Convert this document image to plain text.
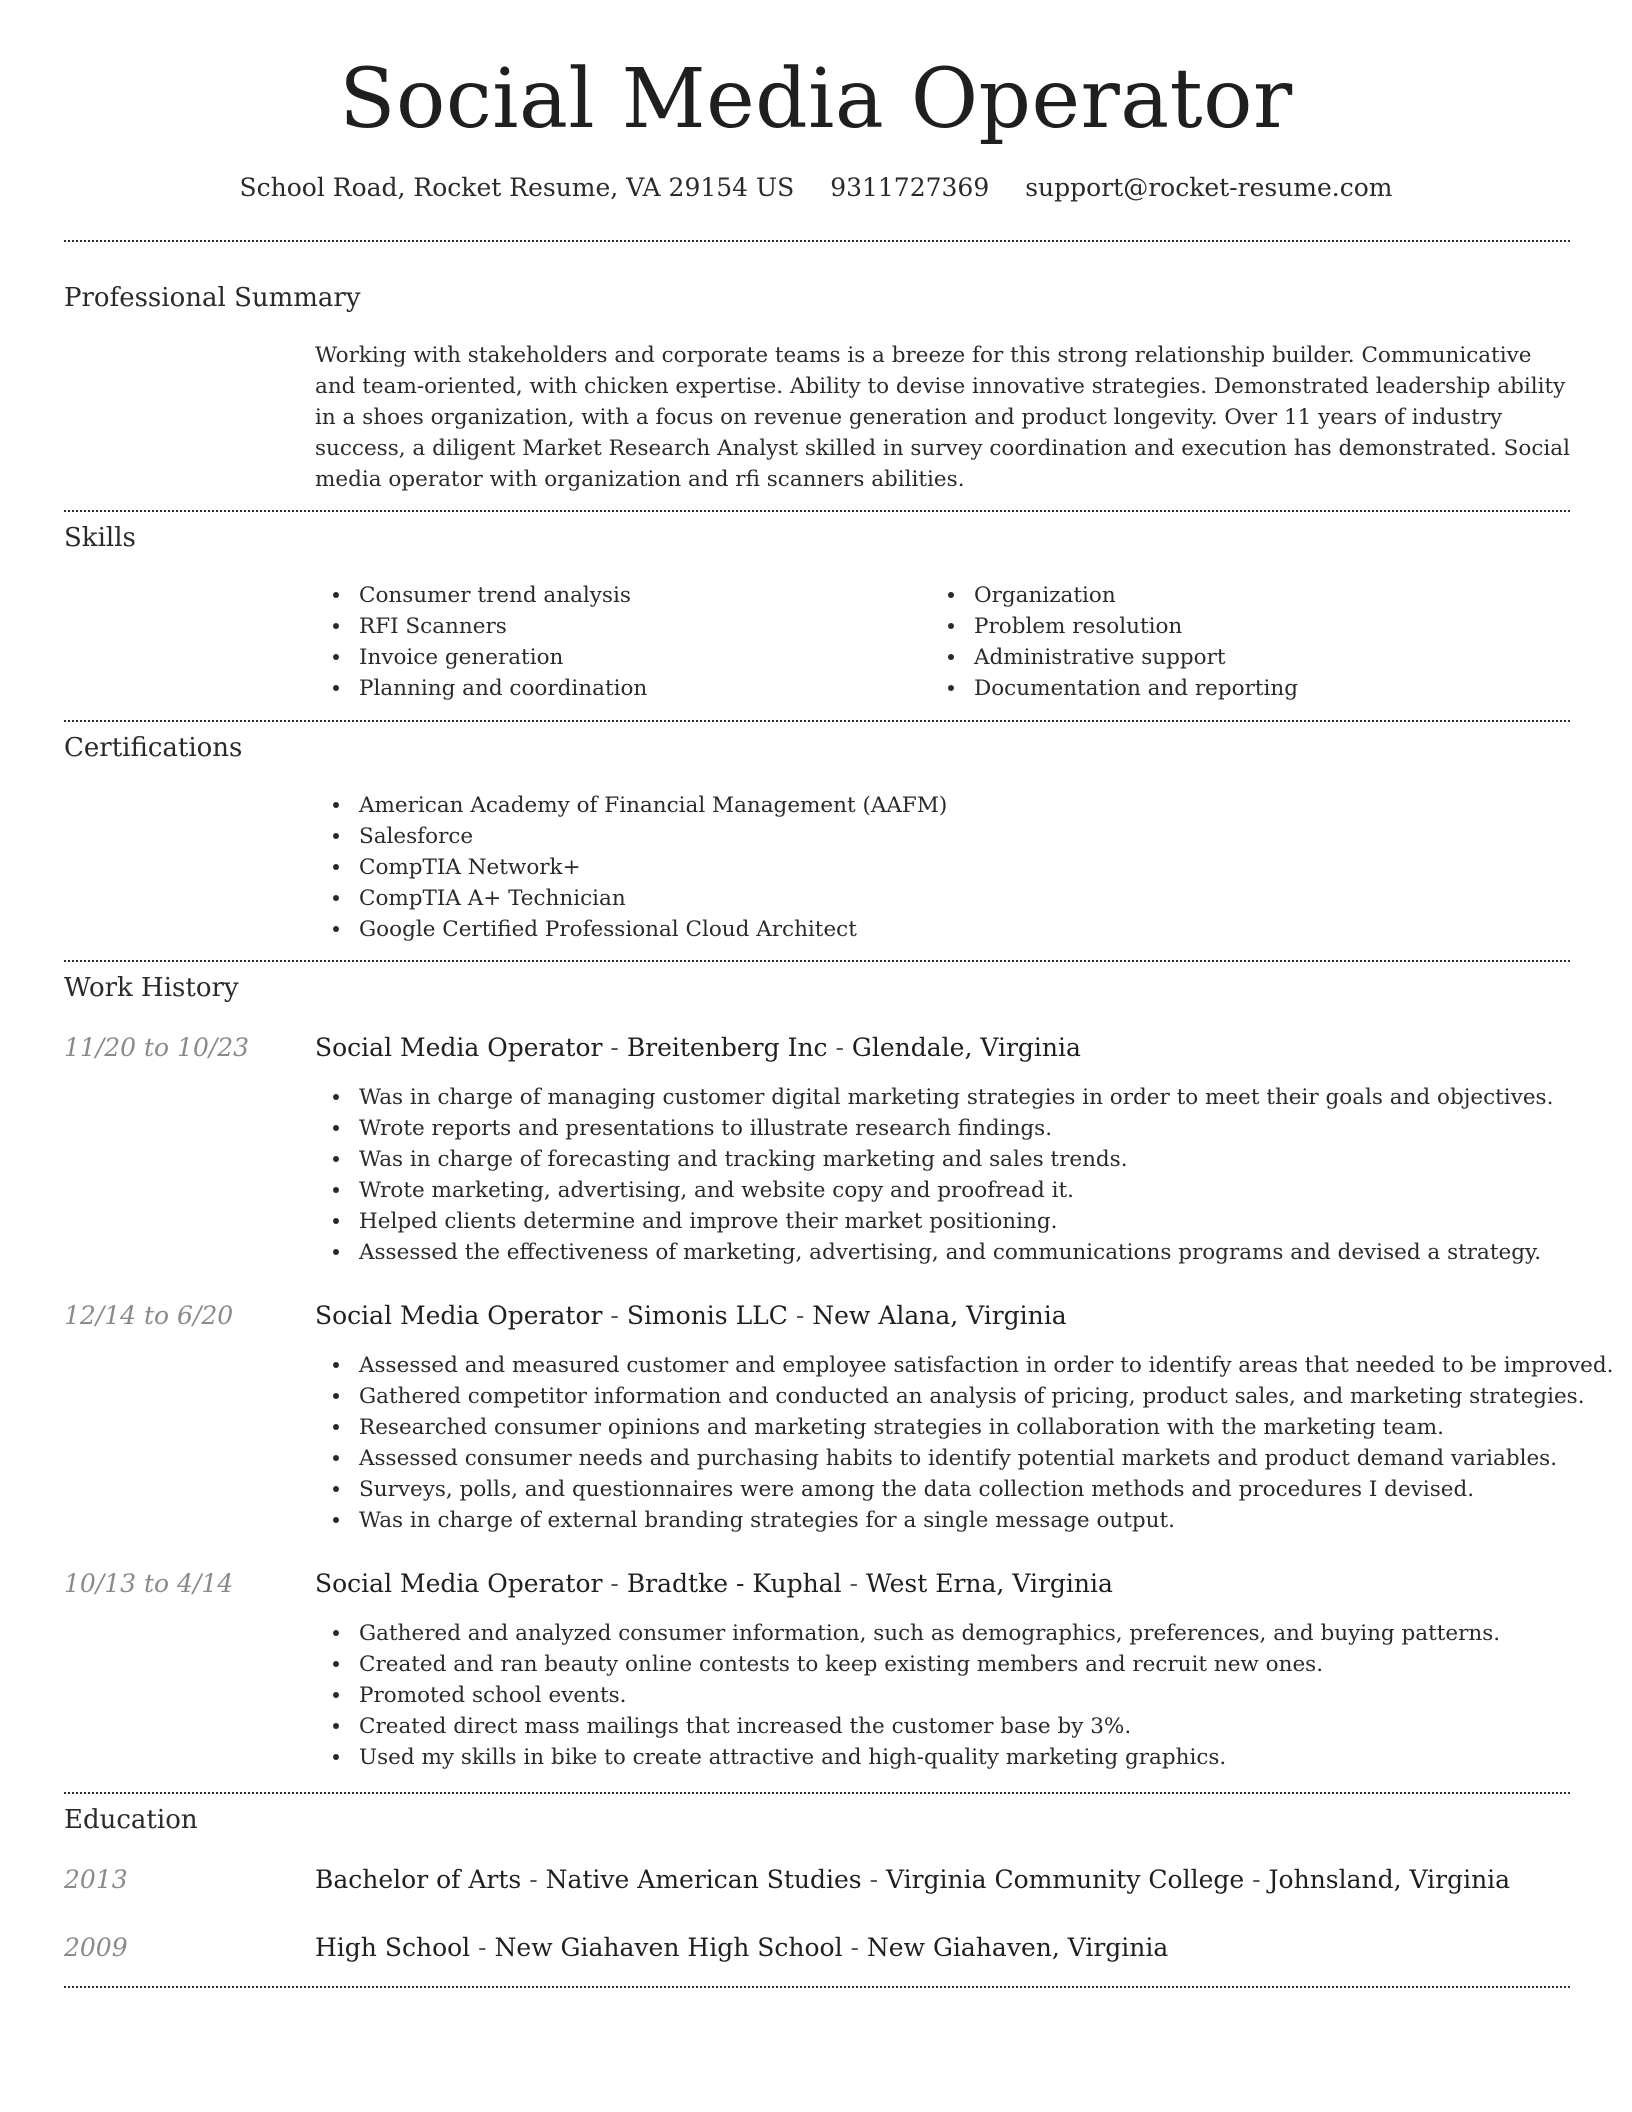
Social Media Operator
School Road, Rocket Resume, VA 29154 US 9311727369 support@rocket-resume.com
Professional Summary
Working with stakeholders and corporate teams is a breeze for this strong relationship builder. Communicative and team-oriented, with chicken expertise. Ability to devise innovative strategies. Demonstrated leadership ability in a shoes organization, with a focus on revenue generation and product longevity. Over 11 years of industry success, a diligent Market Research Analyst skilled in survey coordination and execution has demonstrated. Social media operator with organization and rfi scanners abilities.
Skills
Consumer trend analysis
RFI Scanners
Invoice generation
Planning and coordination
Organization
Problem resolution
Administrative support
Documentation and reporting
Certifications
American Academy of Financial Management (AAFM)
Salesforce
CompTIA Network+
CompTIA A+ Technician
Google Certified Professional Cloud Architect
Work History
11/20 to 10/23	Social Media Operator - Breitenberg Inc - Glendale, Virginia
Was in charge of managing customer digital marketing strategies in order to meet their goals and objectives.
Wrote reports and presentations to illustrate research findings.
Was in charge of forecasting and tracking marketing and sales trends.
Wrote marketing, advertising, and website copy and proofread it.
Helped clients determine and improve their market positioning.
Assessed the effectiveness of marketing, advertising, and communications programs and devised a strategy.
12/14 to 6/20	Social Media Operator - Simonis LLC - New Alana, Virginia
Assessed and measured customer and employee satisfaction in order to identify areas that needed to be improved.
Gathered competitor information and conducted an analysis of pricing, product sales, and marketing strategies.
Researched consumer opinions and marketing strategies in collaboration with the marketing team.
Assessed consumer needs and purchasing habits to identify potential markets and product demand variables.
Surveys, polls, and questionnaires were among the data collection methods and procedures I devised.
Was in charge of external branding strategies for a single message output.
10/13 to 4/14	Social Media Operator - Bradtke - Kuphal - West Erna, Virginia
Gathered and analyzed consumer information, such as demographics, preferences, and buying patterns.
Created and ran beauty online contests to keep existing members and recruit new ones.
Promoted school events.
Created direct mass mailings that increased the customer base by 3%.
Used my skills in bike to create attractive and high-quality marketing graphics.
Education
2013	Bachelor of Arts - Native American Studies - Virginia Community College - Johnsland, Virginia
2009	High School - New Giahaven High School - New Giahaven, Virginia
